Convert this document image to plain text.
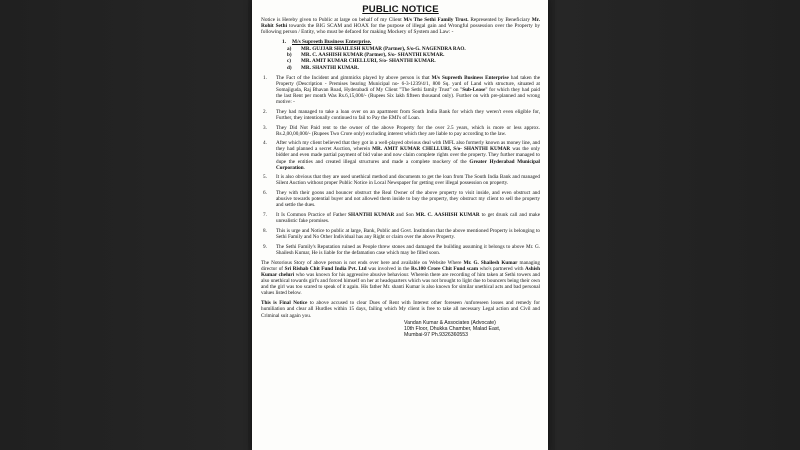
PUBLIC NOTICE

Notice is Hereby given to Public at large on behalf of my Client M/s The Sethi Family Trust. Represented by Beneficiary Mr. Rohit Sethi towards the BIG SCAM and HOAX for the purpose of illegal gain and Wrongful possession over the Property by following person / Entity, who must be defaced for making Mockery of System and Law: -

1. M/s Supreeth Business Enterprise.
a)	MR. GUJJAR SHAILESH KUMAR (Partner), S/o-G. NAGENDRA RAO.
b)	MR. C. AASHISH KUMAR (Partner), S/o- SHANTHI KUMAR.
c)	MR. AMIT KUMAR CHELLURI, S/o- SHANTHI KUMAR.
d)	MR. SHANTHI KUMAR.
1.	The Fact of the Incident and gimmicks played by above person is that M/s Supreeth Business Enterprise had taken the Property (Description - Premises bearing Municipal no- 6-3-1239/4/1, 800 Sq. yard of Land with structure, situated at Somajiguda, Raj Bhavan Road, Hyderabadi of My Client "The Sethi family Trust" on "Sub-Lease" for which they had paid the last Rent per month Was Rs.6,15,000/- (Rupees Six lakh fifteen thousand only). Further on with pre-planned and wrong motive: -
2.	They had managed to take a loan over on an apartment from South India Bank for which they weren't even eligible for, Further, they intentionally continued to fail to Pay the EMI's of Loan.
3.	They Did Not Paid rent to the owner of the above Property for the over 2.5 years, which is more or less approx. Rs.2,00,00,000/- (Rupees Two Crore only) excluding interest which they are liable to pay according to the law.
4.	After which my client believed that they got in a well-played obvious deal with IMFL also formerly known as money line, and they had planned a secret Auction, wherein MR. AMIT KUMAR CHELLURI, S/o- SHANTHI KUMAR was the only bidder and even made partial payment of bid value and now claim complete rights over the property. They further managed to dupe the entities and created illegal structures and made a complete mockery of the Greater Hyderabad Municipal Corporation.
5.	It is also obvious that they are used unethical method and documents to get the loan from The South India Bank and managed Silent Auction without proper Public Notice in Local Newspaper for getting over illegal possession on property.
6.	They with their goons and bouncer obstruct the Real Owner of the above property to visit inside, and even obstruct and abusive towards potential buyer and not allowed them inside to buy the property, they obstruct my client to sell the property and settle the dues.
7.	It Is Common Practice of Father SHANTHI KUMAR and Son MR. C. AASHISH KUMAR to get drunk call and make unrealistic fake promises.
8.	This is urge and Notice to public at large, Bank, Public and Govt. Institution that the above mentioned Property is belonging to Sethi Family and No Other Individual has any Right or claim over the above Property.
9.	The Sethi Family's Reputation ruined as People threw stones and damaged the building assuming it belongs to above Mr. G. Shailesh Kumar, He is liable for the defamation case which may be filled soon.

The Notorious Story of above person is not ends over here and available on Website Where Mr. G. Shailesh Kumar managing director of Sri Rishab Chit Fund India Pvt. Ltd was involved in the Rs.100 Crore Chit Fund scam who's partnered with Ashish Kumar cheluri who was known for his aggressive abusive behaviour. Wherein there are recording of him taken at Sethi towers and also unethical towards girl's and forced himself on her at headquarters which was not brought to light due to bouncers being their own and the girl was too scared to speak of it again. His father Mr. shanti Kumar is also known for similar unethical acts and bad personal values listed below.

This is Final Notice to above accused to clear Dues of Rent with Interest other foreseen /unforeseen losses and remedy for humiliation and clear all Hurdles within 15 days, failing which My client is free to take all necessary Legal action and Civil and Criminal suit again you.

Vandan Kumar & Associates (Advocate)
10th Floor, Dhukka Chamber, Malad East,
Mumbai-97 Ph.9326360553
